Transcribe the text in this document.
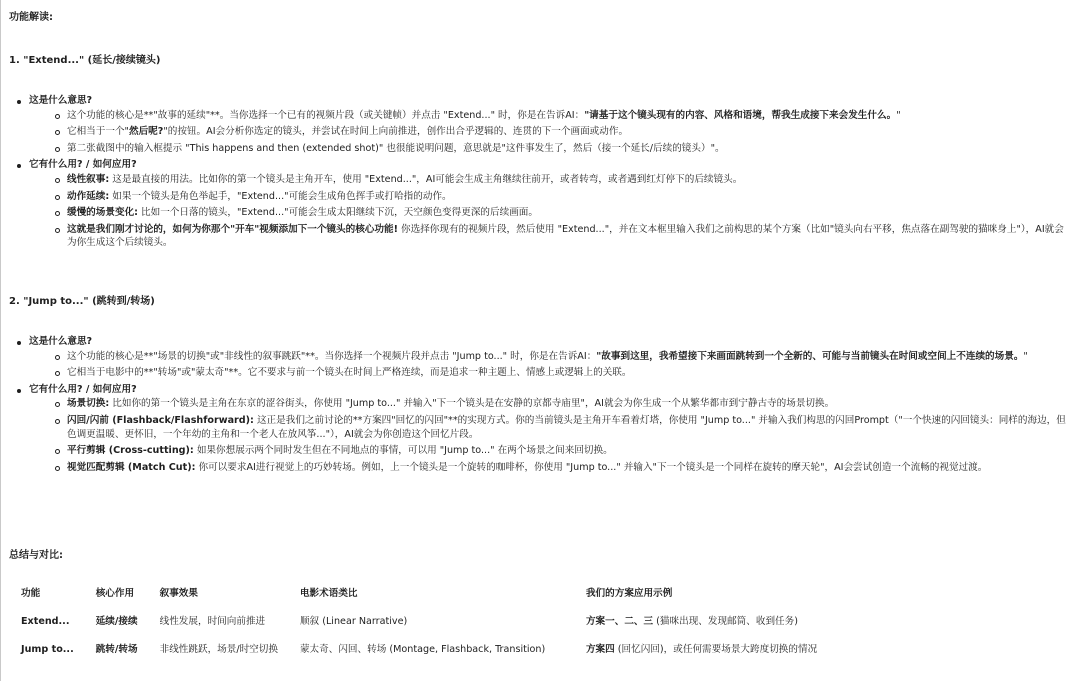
功能解读:
1. "Extend..." (延长/接续镜头)
这是什么意思?
这个功能的核心是**"故事的延续"**。当你选择一个已有的视频片段（或关键帧）并点击 "Extend..." 时，你是在告诉AI："请基于这个镜头现有的内容、风格和语境，帮我生成接下来会发生什么。"
它相当于一个"然后呢?"的按钮。AI会分析你选定的镜头，并尝试在时间上向前推进，创作出合乎逻辑的、连贯的下一个画面或动作。
第二张截图中的输入框提示 "This happens and then (extended shot)" 也很能说明问题，意思就是"这件事发生了，然后（接一个延长/后续的镜头）"。
它有什么用? / 如何应用?
线性叙事: 这是最直接的用法。比如你的第一个镜头是主角开车，使用 "Extend..."，AI可能会生成主角继续往前开，或者转弯，或者遇到红灯停下的后续镜头。
动作延续: 如果一个镜头是角色举起手，"Extend..."可能会生成角色挥手或打哈指的动作。
缓慢的场景变化: 比如一个日落的镜头，"Extend..."可能会生成太阳继续下沉，天空颜色变得更深的后续画面。
这就是我们刚才讨论的，如何为你那个"开车"视频添加下一个镜头的核心功能! 你选择你现有的视频片段，然后使用 "Extend..."，并在文本框里输入我们之前构思的某个方案（比如"镜头向右平移，焦点落在副驾驶的猫咪身上"），AI就会为你生成这个后续镜头。
2. "Jump to..." (跳转到/转场)
这是什么意思?
这个功能的核心是**"场景的切换"或"非线性的叙事跳跃"**。当你选择一个视频片段并点击 "Jump to..." 时，你是在告诉AI："故事到这里，我希望接下来画面跳转到一个全新的、可能与当前镜头在时间或空间上不连续的场景。"
它相当于电影中的**"转场"或"蒙太奇"**。它不要求与前一个镜头在时间上严格连续，而是追求一种主题上、情感上或逻辑上的关联。
它有什么用? / 如何应用?
场景切换: 比如你的第一个镜头是主角在东京的涩谷街头，你使用 "Jump to..." 并输入"下一个镜头是在安静的京都寺庙里"，AI就会为你生成一个从繁华都市到宁静古寺的场景切换。
闪回/闪前 (Flashback/Flashforward): 这正是我们之前讨论的**方案四"回忆的闪回"**的实现方式。你的当前镜头是主角开车看着灯塔，你使用 "Jump to..." 并输入我们构思的闪回Prompt（"一个快速的闪回镜头：同样的海边，但色调更温暖、更怀旧，一个年幼的主角和一个老人在放风筝..."），AI就会为你创造这个回忆片段。
平行剪辑 (Cross-cutting): 如果你想展示两个同时发生但在不同地点的事情，可以用 "Jump to..." 在两个场景之间来回切换。
视觉匹配剪辑 (Match Cut): 你可以要求AI进行视觉上的巧妙转场。例如，上一个镜头是一个旋转的咖啡杯，你使用 "Jump to..." 并输入"下一个镜头是一个同样在旋转的摩天轮"，AI会尝试创造一个流畅的视觉过渡。
总结与对比:
功能	核心作用	叙事效果	电影术语类比	我们的方案应用示例
Extend...	延续/接续	线性发展，时间向前推进	顺叙 (Linear Narrative)	方案一、二、三 (猫咪出现、发现邮筒、收到任务)
Jump to...	跳转/转场	非线性跳跃，场景/时空切换	蒙太奇、闪回、转场 (Montage, Flashback, Transition)	方案四 (回忆闪回)，或任何需要场景大跨度切换的情况
